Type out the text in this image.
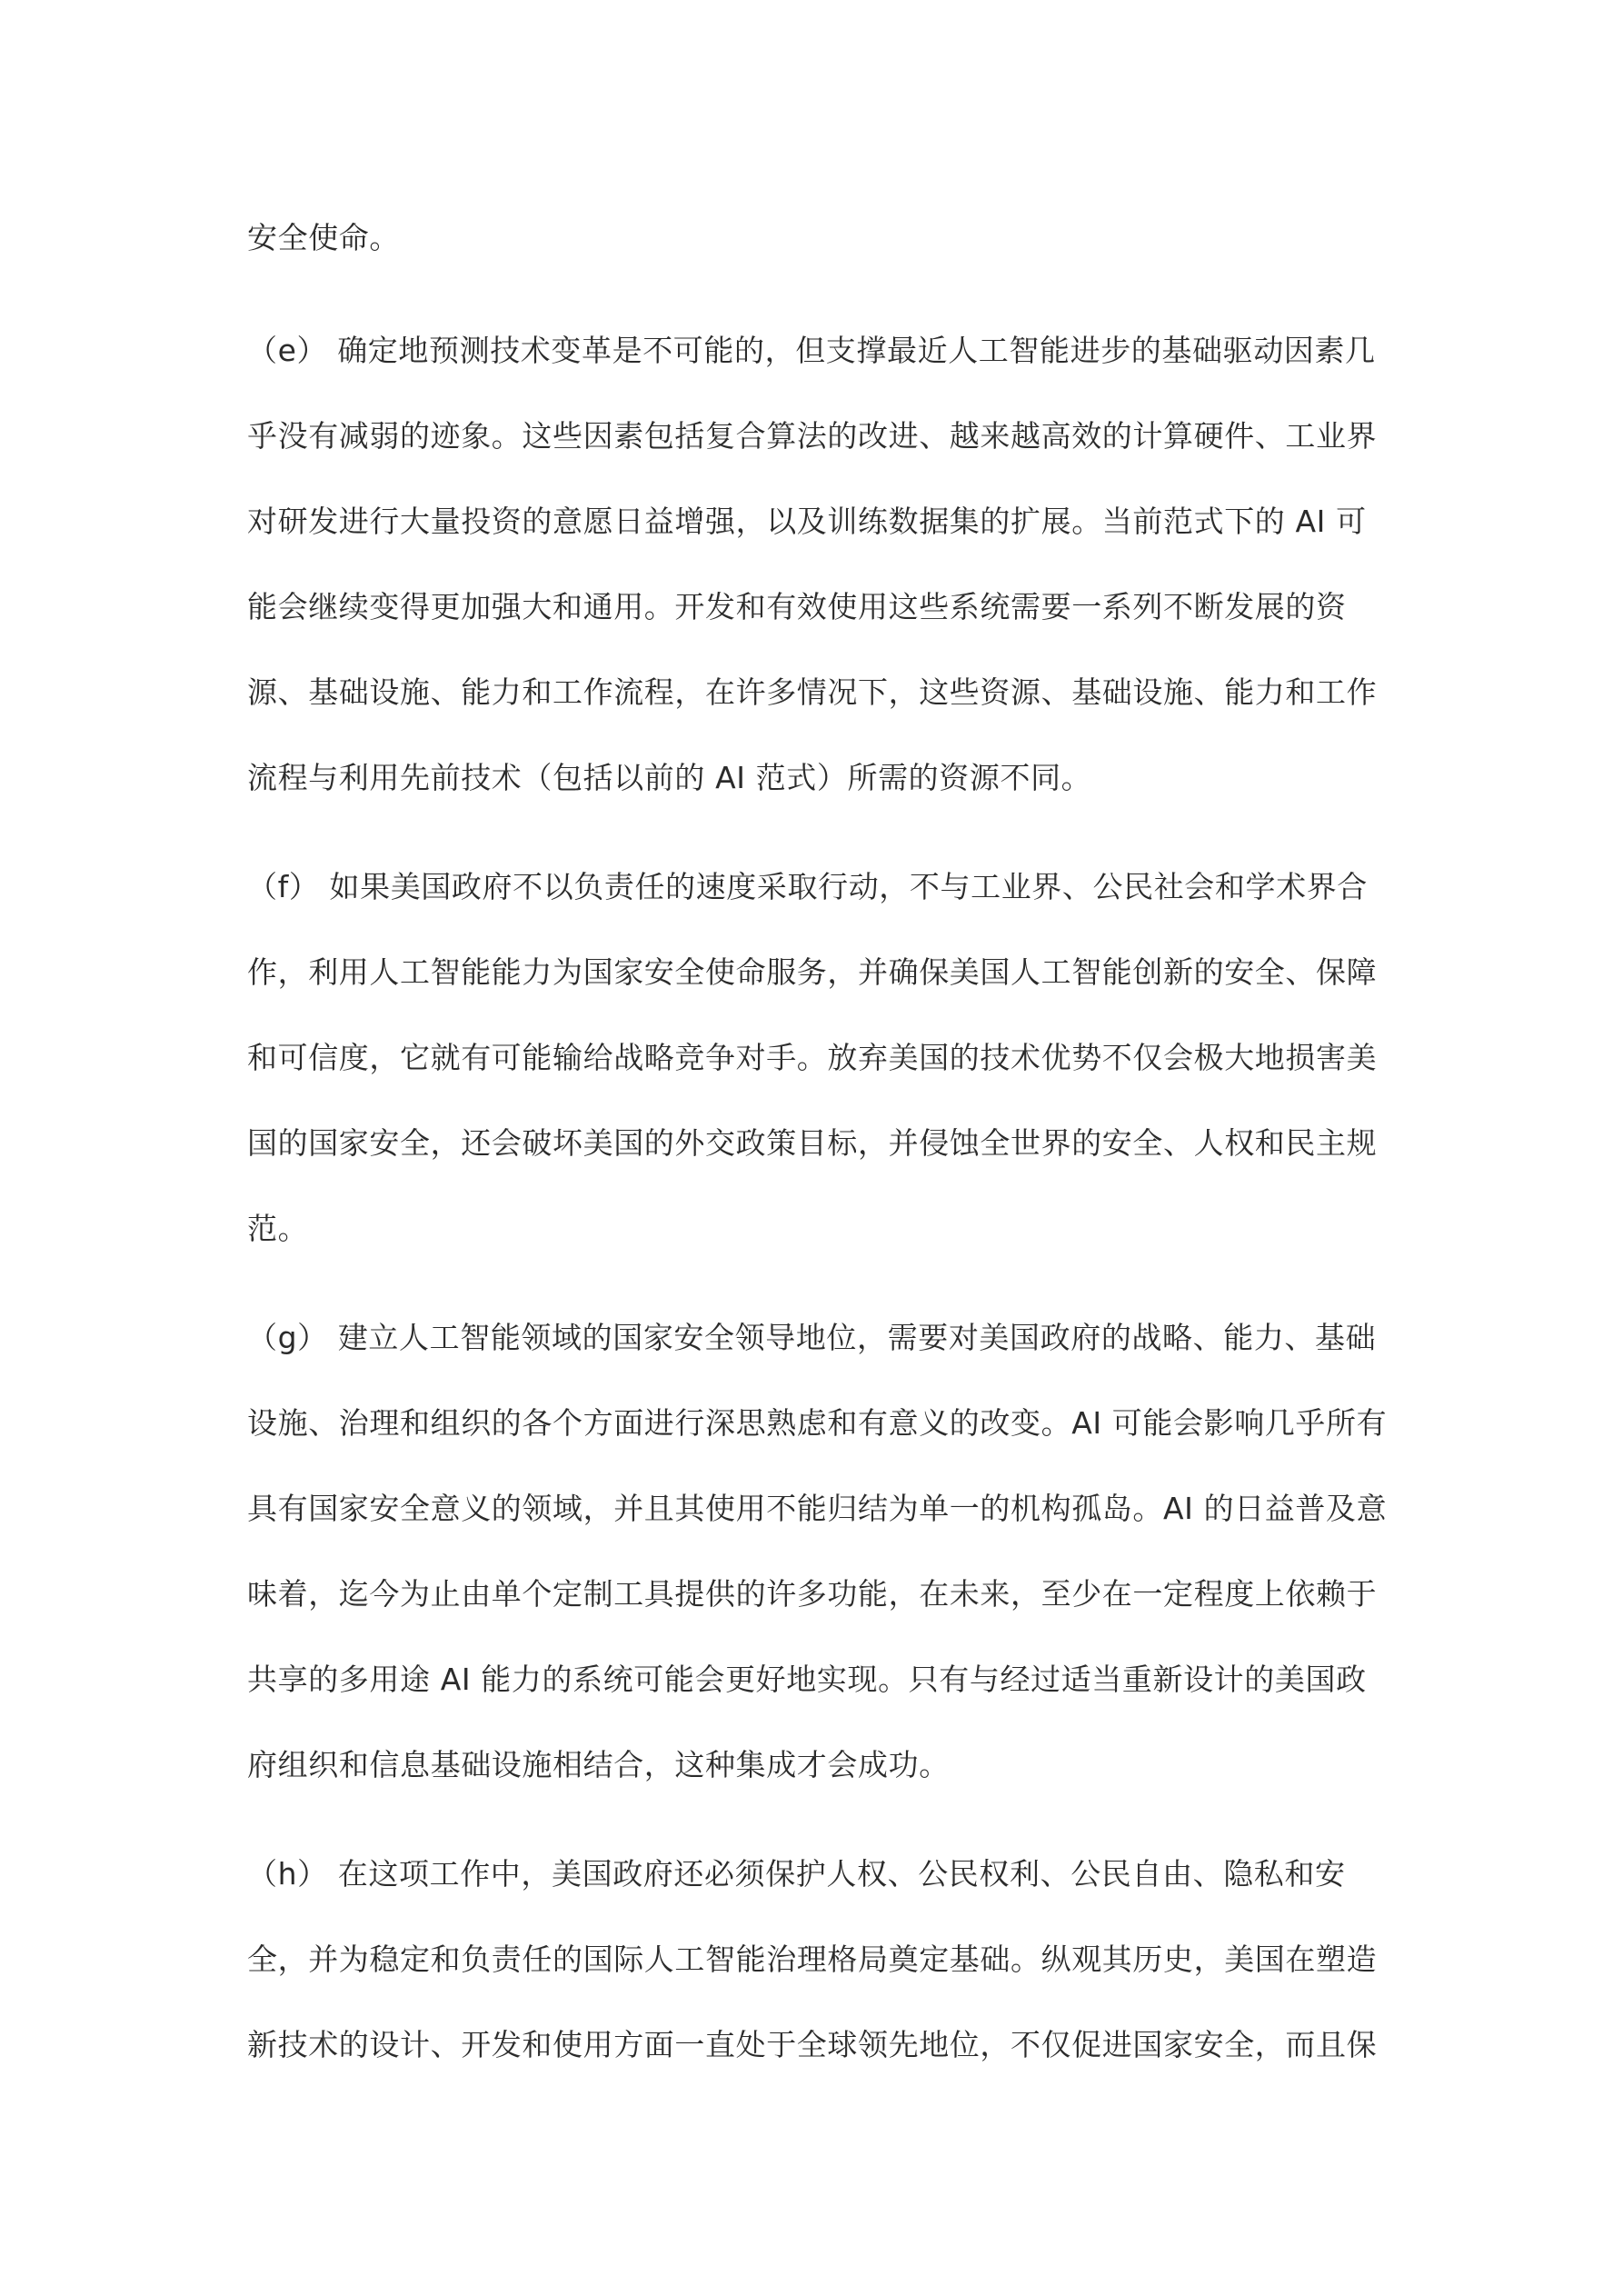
安全使命。
（e） 确定地预测技术变革是不可能的，但支撑最近人工智能进步的基础驱动因素几
乎没有减弱的迹象。这些因素包括复合算法的改进、越来越高效的计算硬件、工业界
对研发进行大量投资的意愿日益增强，以及训练数据集的扩展。当前范式下的 AI 可
能会继续变得更加强大和通用。开发和有效使用这些系统需要一系列不断发展的资
源、基础设施、能力和工作流程，在许多情况下，这些资源、基础设施、能力和工作
流程与利用先前技术（包括以前的 AI 范式）所需的资源不同。
（f） 如果美国政府不以负责任的速度采取行动，不与工业界、公民社会和学术界合
作，利用人工智能能力为国家安全使命服务，并确保美国人工智能创新的安全、保障
和可信度，它就有可能输给战略竞争对手。放弃美国的技术优势不仅会极大地损害美
国的国家安全，还会破坏美国的外交政策目标，并侵蚀全世界的安全、人权和民主规
范。
（g） 建立人工智能领域的国家安全领导地位，需要对美国政府的战略、能力、基础
设施、治理和组织的各个方面进行深思熟虑和有意义的改变。AI 可能会影响几乎所有
具有国家安全意义的领域，并且其使用不能归结为单一的机构孤岛。AI 的日益普及意
味着，迄今为止由单个定制工具提供的许多功能，在未来，至少在一定程度上依赖于
共享的多用途 AI 能力的系统可能会更好地实现。只有与经过适当重新设计的美国政
府组织和信息基础设施相结合，这种集成才会成功。
（h） 在这项工作中，美国政府还必须保护人权、公民权利、公民自由、隐私和安
全，并为稳定和负责任的国际人工智能治理格局奠定基础。纵观其历史，美国在塑造
新技术的设计、开发和使用方面一直处于全球领先地位，不仅促进国家安全，而且保
